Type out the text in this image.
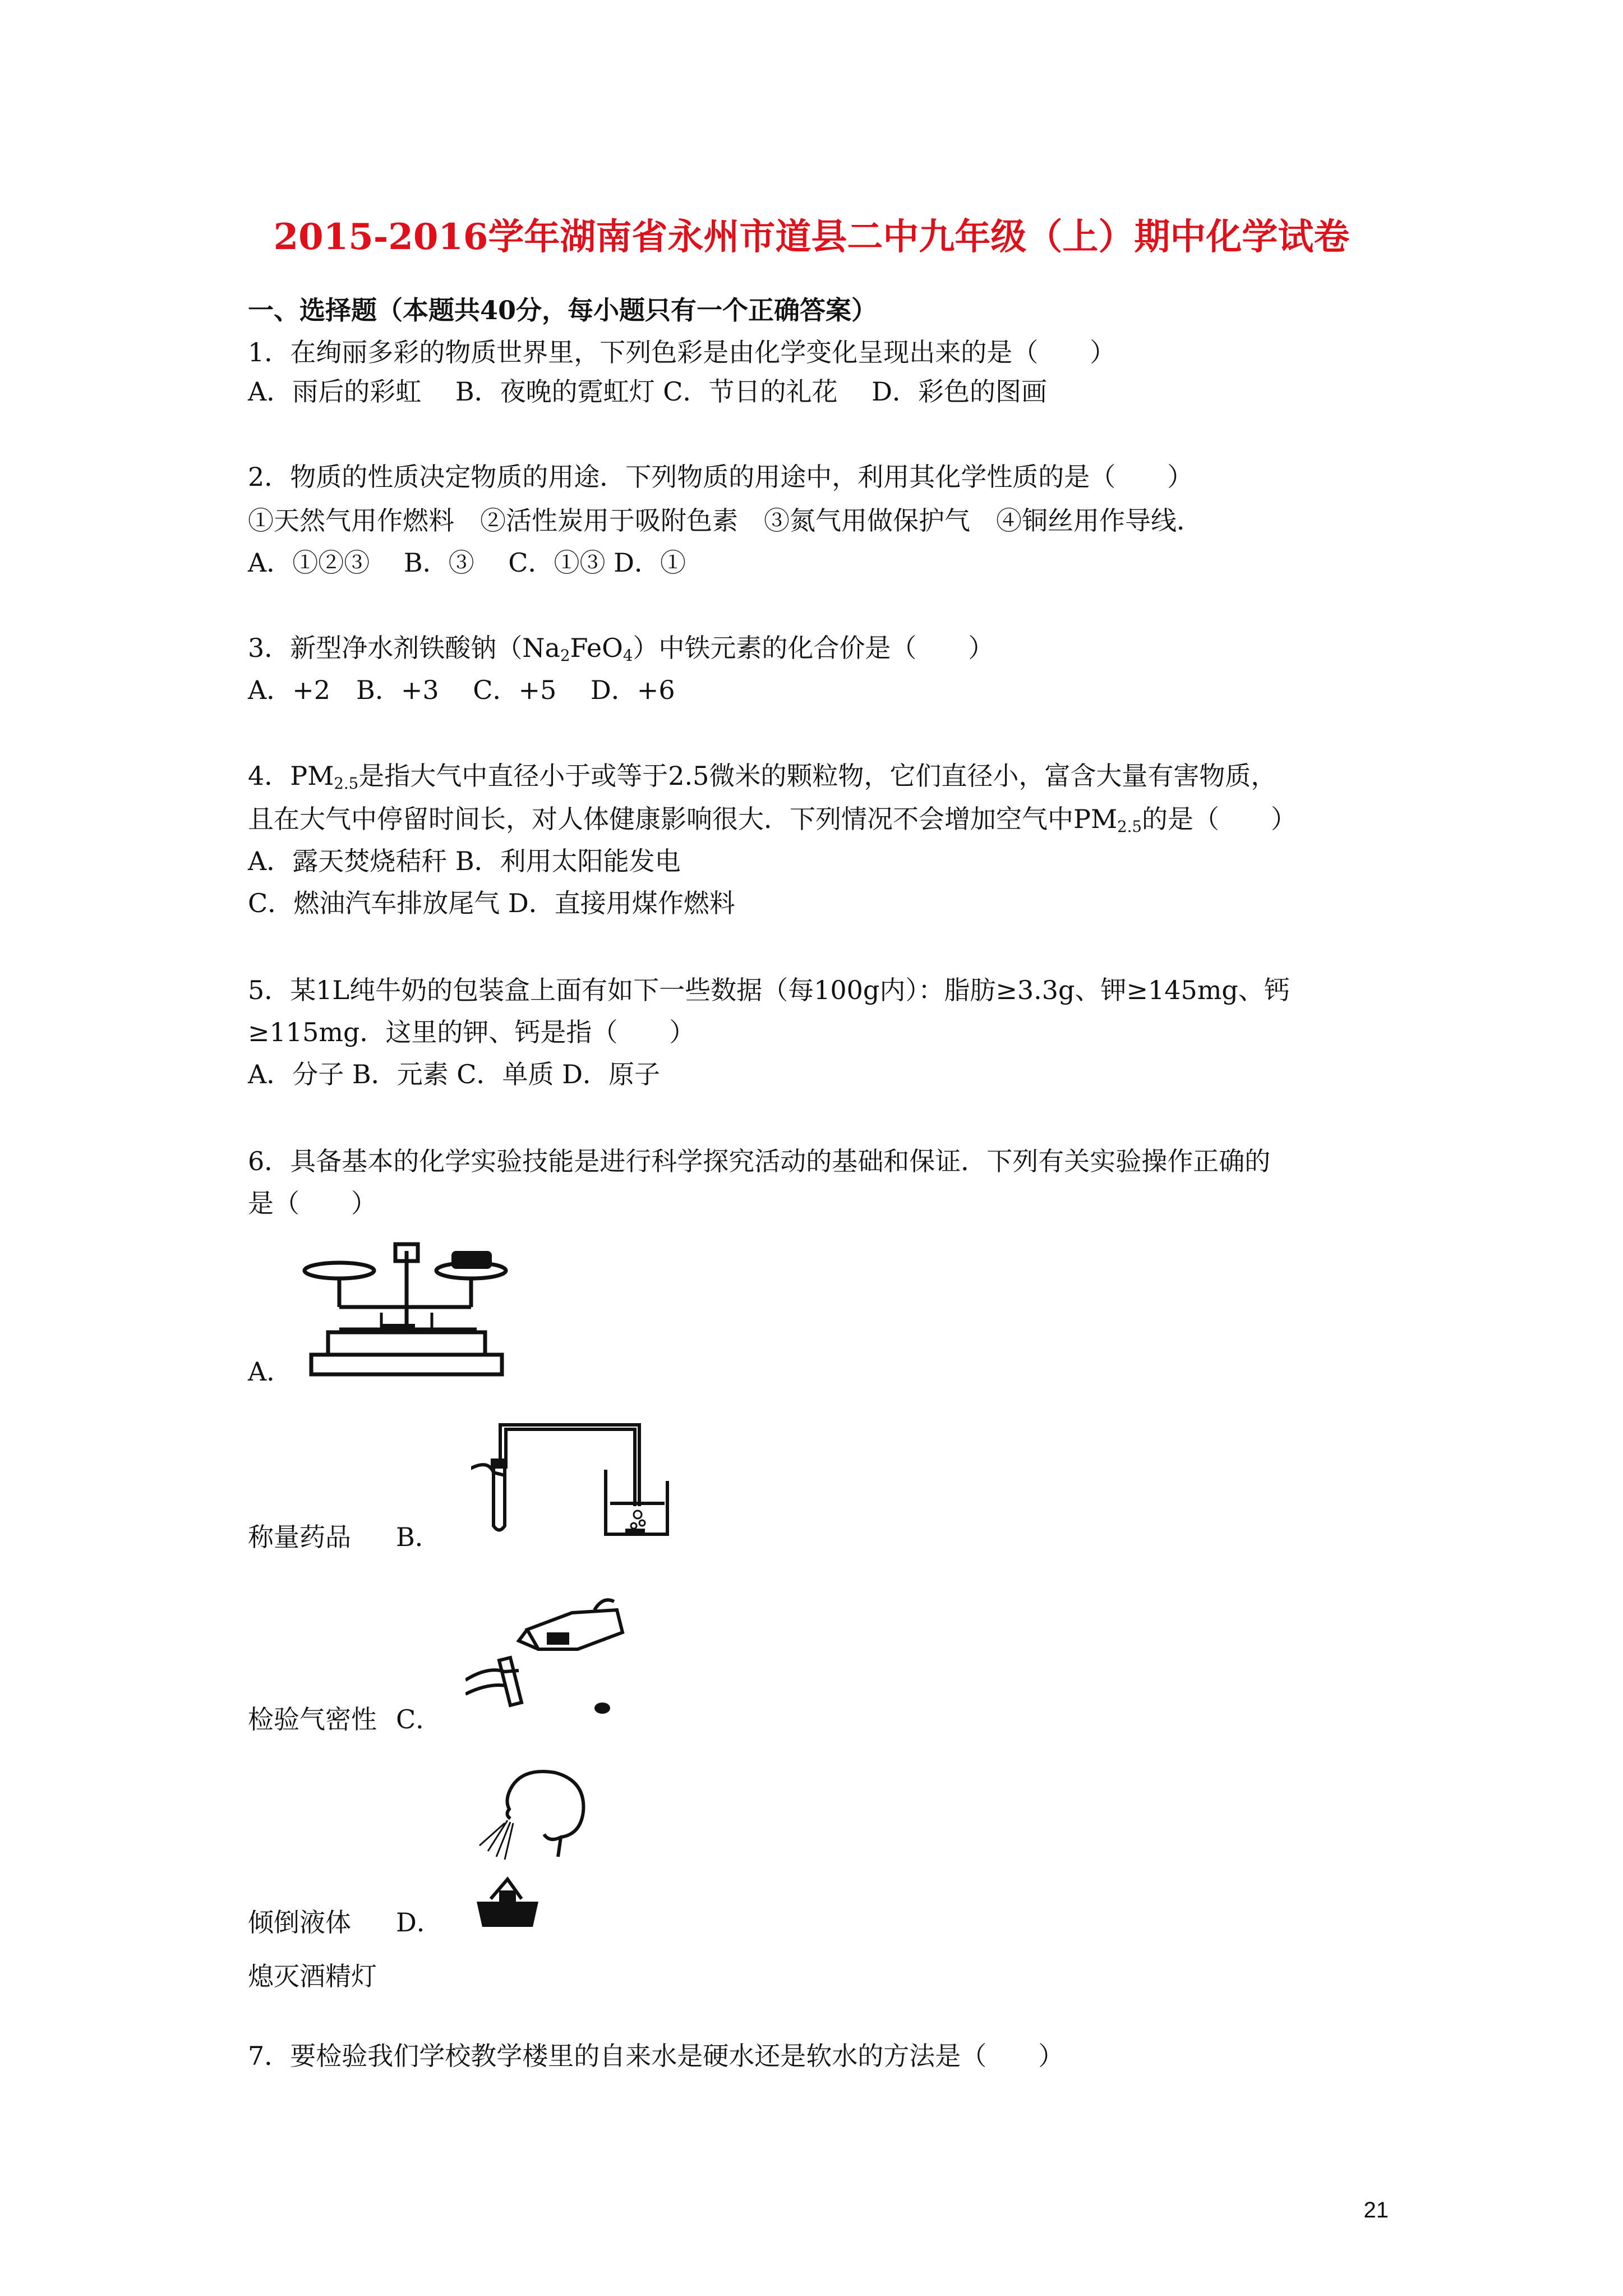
2015-2016学年湖南省永州市道县二中九年级（上）期中化学试卷
一、选择题（本题共40分，每小题只有一个正确答案）
1．在绚丽多彩的物质世界里，下列色彩是由化学变化呈现出来的是（　　）
A．雨后的彩虹　 B．夜晚的霓虹灯 C．节日的礼花　 D．彩色的图画
2．物质的性质决定物质的用途．下列物质的用途中，利用其化学性质的是（　　）
①天然气用作燃料　②活性炭用于吸附色素　③氮气用做保护气　④铜丝用作导线．
A．①②③　 B．③　 C．①③ D．①
3．新型净水剂铁酸钠$(Na_2FeO_4)$中铁元素的化合价是（　　）
A．+2　B．+3　 C．+5　 D．+6
4．$PM_{2.5}$是指大气中直径小于或等于2.5微米的颗粒物，它们直径小，富含大量有害物质，
且在大气中停留时间长，对人体健康影响很大．下列情况不会增加空气中$PM_{2.5}$的是（　　）
A．露天焚烧秸秆 B．利用太阳能发电
C．燃油汽车排放尾气 D．直接用煤作燃料
5．某1L纯牛奶的包装盒上面有如下一些数据（每100g内）：脂肪≥3.3g、钾≥145mg、钙
≥115mg．这里的钾、钙是指（　　）
A．分子 B．元素 C．单质 D．原子
6．具备基本的化学实验技能是进行科学探究活动的基础和保证．下列有关实验操作正确的
是（　　）
A．
称量药品 B．
检验气密性 C．
倾倒液体 D．
熄灭酒精灯
7．要检验我们学校教学楼里的自来水是硬水还是软水的方法是（　　）
21
